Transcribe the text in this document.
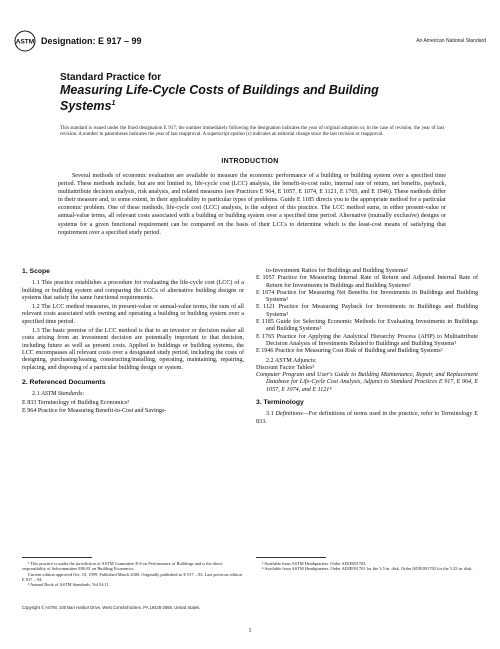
ASTM Designation: E 917 – 99	An American National Standard
Standard Practice for
Measuring Life-Cycle Costs of Buildings and Building
Systems$^1$
This standard is issued under the fixed designation E 917; the number immediately following the designation indicates the year of original adoption or, in the case of revision, the year of last revision. A number in parentheses indicates the year of last reapproval. A superscript epsilon (ε) indicates an editorial change since the last revision or reapproval.
INTRODUCTION

Several methods of economic evaluation are available to measure the economic performance of a building or building system over a specified time period. These methods include, but are not limited to, life-cycle cost (LCC) analysis, the benefit-to-cost ratio, internal rate of return, net benefits, payback, multiattribute decision analysis, risk analysis, and related measures (see Practices E 964, E 1057, E 1074, E 1121, E 1765, and E 1946). These methods differ in their measure and, to some extent, in their applicability to particular types of problems. Guide E 1185 directs you to the appropriate method for a particular economic problem. One of these methods, life-cycle cost (LCC) analysis, is the subject of this practice. The LCC method sums, in either present-value or annual-value terms, all relevant costs associated with a building or building system over a specified time period. Alternative (mutually exclusive) designs or systems for a given functional requirement can be compared on the basis of their LCCs to determine which is the least-cost means of satisfying that requirement over a specified study period.

1. Scope

1.1 This practice establishes a procedure for evaluating the life-cycle cost (LCC) of a building or building system and comparing the LCCs of alternative building designs or systems that satisfy the same functional requirements.

1.2 The LCC method measures, in present-value or annual-value terms, the sum of all relevant costs associated with owning and operating a building or building system over a specified time period.

1.3 The basic premise of the LCC method is that to an investor or decision maker all costs arising from an investment decision are potentially important to that decision, including future as well as present costs. Applied to buildings or building systems, the LCC encompasses all relevant costs over a designated study period, including the costs of designing, purchasing/leasing, constructing/installing, operating, maintaining, repairing, replacing, and disposing of a particular building design or system.

2. Referenced Documents

2.1 ASTM Standards:

E 833 Terminology of Building Economics²

E 964 Practice for Measuring Benefit-to-Cost and Savings-

to-Investment Ratios for Buildings and Building Systems²

E 1057 Practice for Measuring Internal Rate of Return and Adjusted Internal Rate of Return for Investments in Buildings and Building Systems²

E 1074 Practice for Measuring Net Benefits for Investments in Buildings and Building Systems²

E 1121 Practice for Measuring Payback for Investments in Buildings and Building Systems²

E 1185 Guide for Selecting Economic Methods for Evaluating Investments in Buildings and Building Systems²

E 1765 Practice for Applying the Analytical Hierarchy Process (AHP) to Multiattribute Decision Analysis of Investments Related to Buildings and Building Systems²

E 1946 Practice for Measuring Cost Risk of Building and Building Systems²

2.2 ASTM Adjuncts:

Discount Factor Tables³

Computer Program and User's Guide to Building Maintenance, Repair, and Replacement Database for Life-Cycle Cost Analysis, Adjunct to Standard Practices E 917, E 964, E 1057, E 1074, and E 1121⁴

3. Terminology

3.1 Definitions—For definitions of terms used in the practice, refer to Terminology E 833.

¹ This practice is under the jurisdiction of ASTM Committee E-6 on Performance of Buildings and is the direct responsibility of Subcommittee E06.81 on Building Economics.

Current edition approved Oct. 10, 1999. Published March 2000. Originally published as E 917 – 83. Last previous edition E 917 – 94.

² Annual Book of ASTM Standards, Vol 04.11.

³ Available from ASTM Headquarters. Order ADJE091703.

⁴ Available from ASTM Headquarters. Order ADJE091701 for the 3.5 in. disk. Order ADJE091702 for the 5.25 in. disk.

Copyright © ASTM, 100 Barr Harbor Drive, West Conshohocken, PA 19428-2959, United States.
1
